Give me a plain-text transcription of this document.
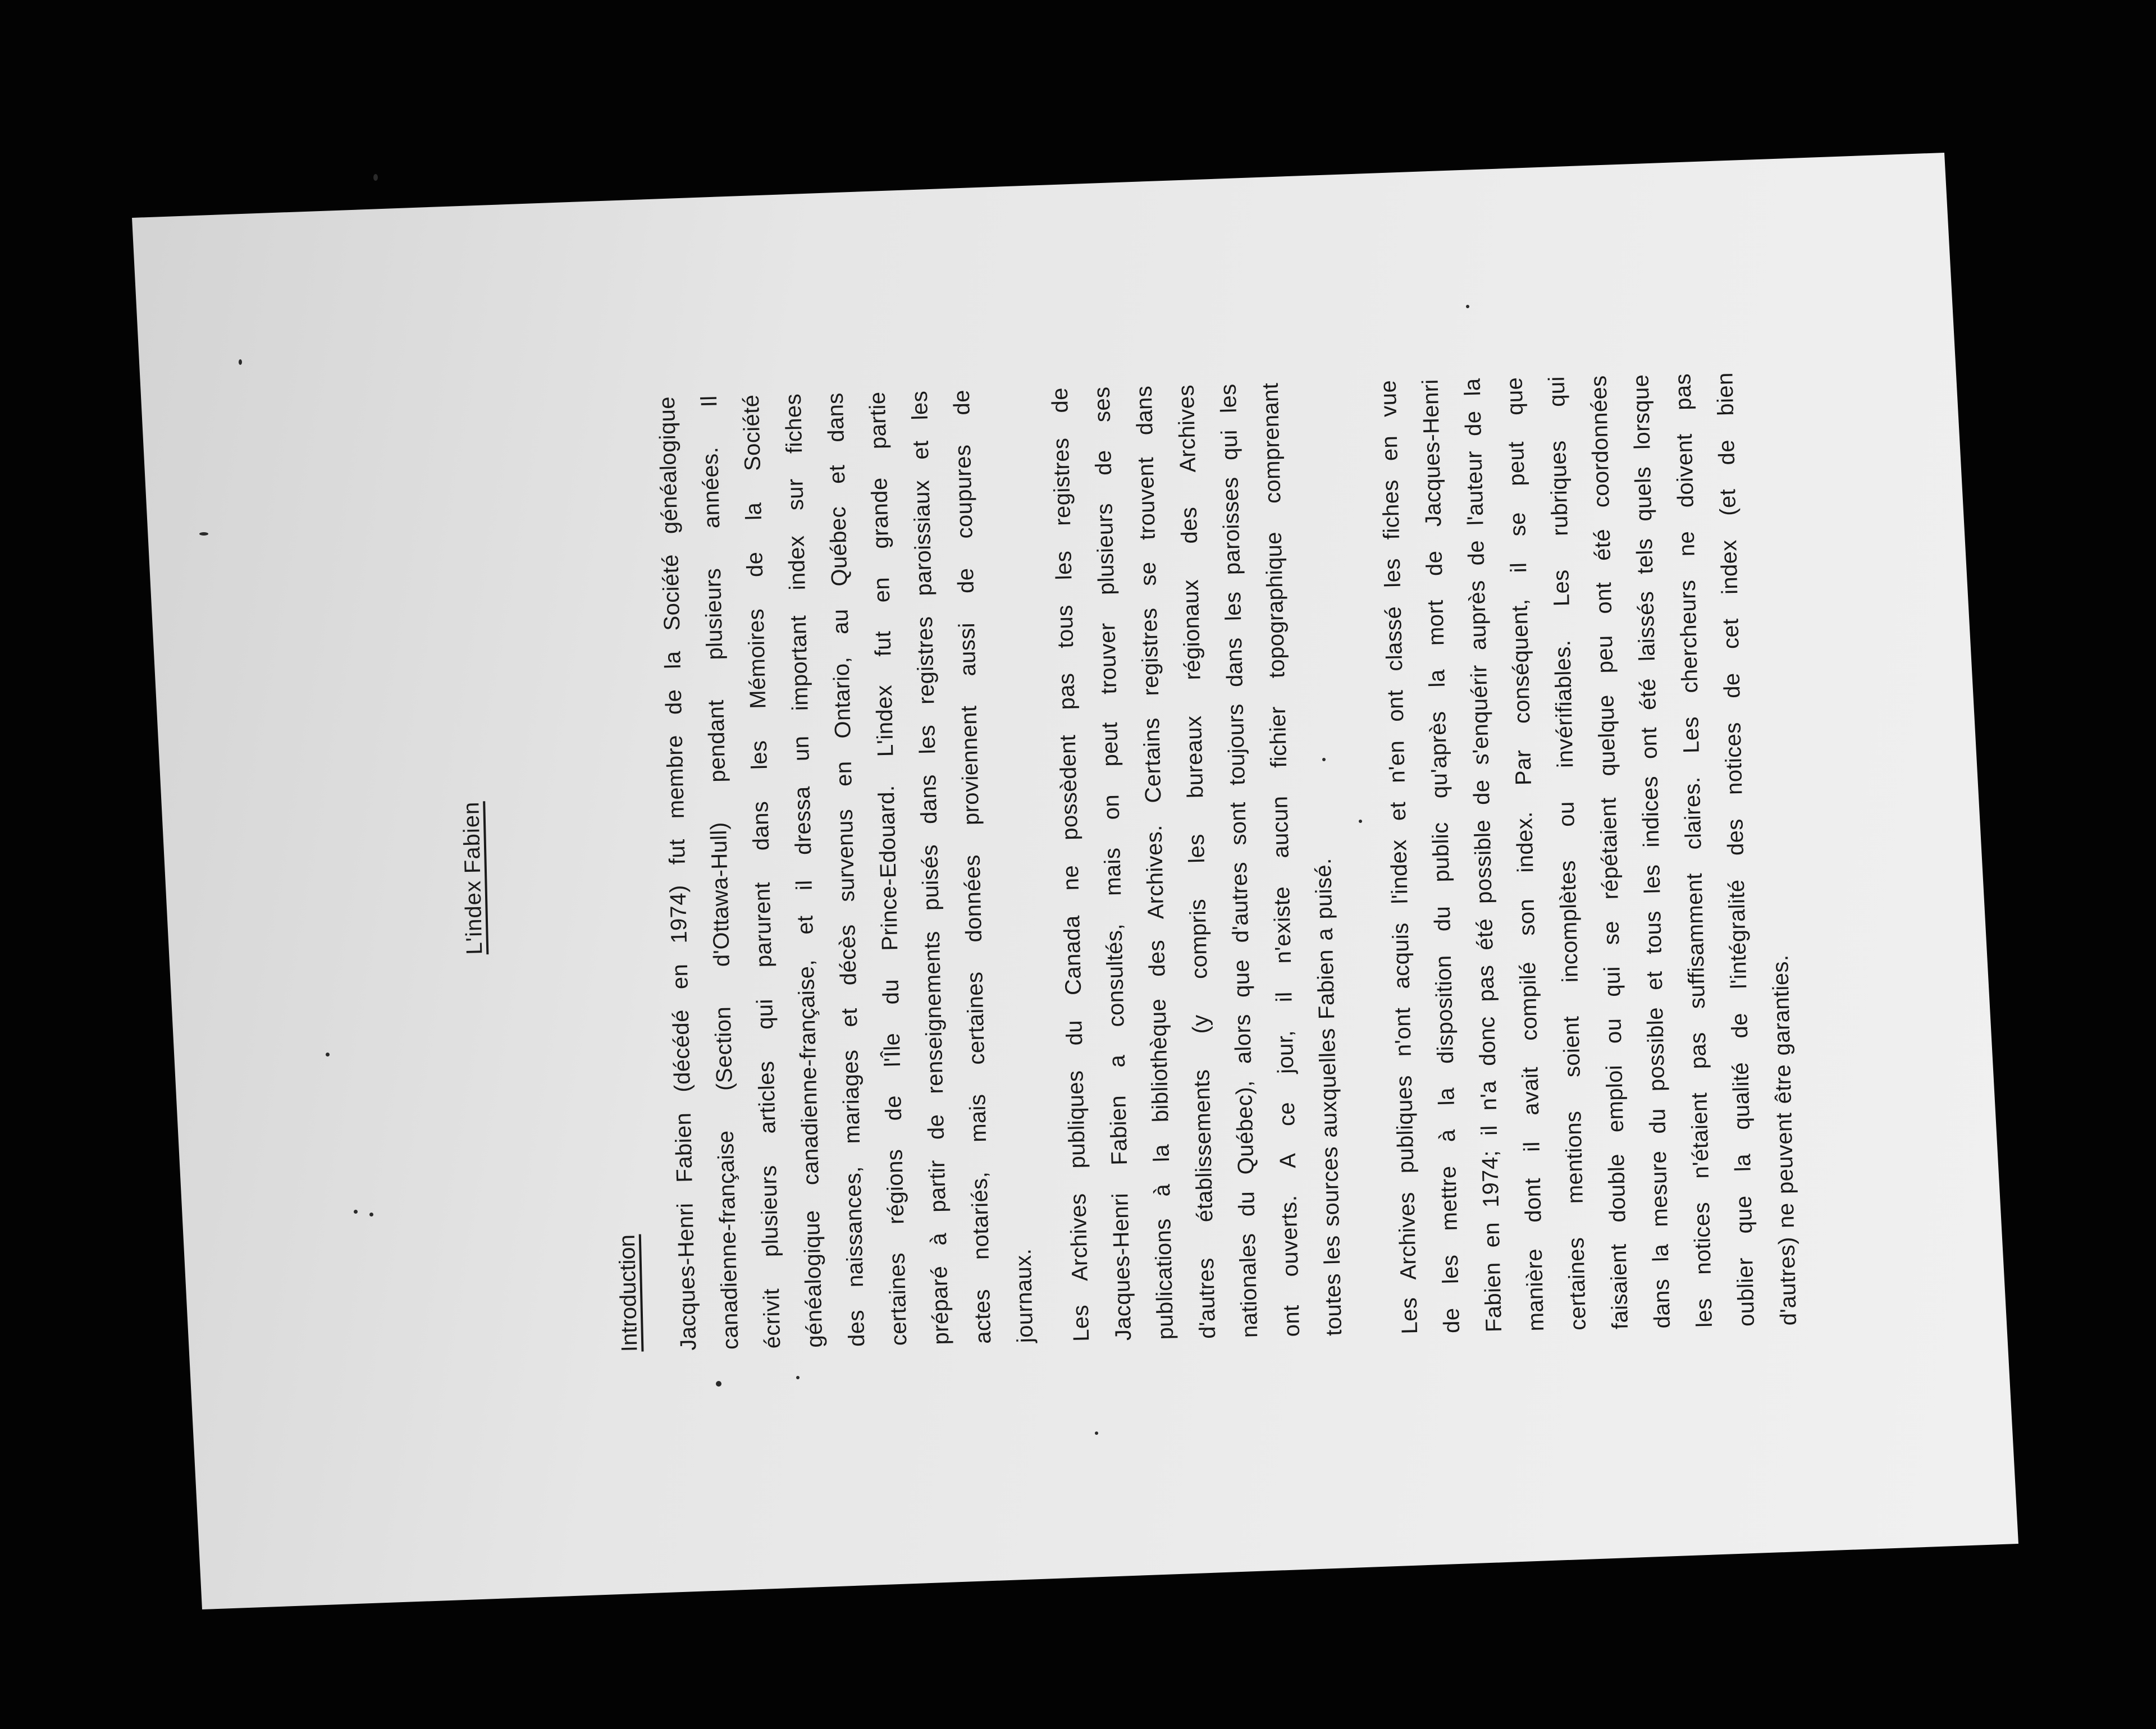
L'index Fabien
Introduction Jacques-Henri Fabien (décédé en 1974) fut membre de la Société généalogique
canadienne-française (Section d'Ottawa-Hull) pendant plusieurs années. Il
écrivit plusieurs articles qui parurent dans les Mémoires de la Société
généalogique canadienne-française, et il dressa un important index sur fiches
des naissances, mariages et décès survenus en Ontario, au Québec et dans
certaines régions de l'Île du Prince-Edouard. L'index fut en grande partie
préparé à partir de renseignements puisés dans les registres paroissiaux et les
actes notariés, mais certaines données proviennent aussi de coupures de journaux. Les Archives publiques du Canada ne possèdent pas tous les registres de
Jacques-Henri Fabien a consultés, mais on peut trouver plusieurs de ses
publications à la bibliothèque des Archives. Certains registres se trouvent dans
d'autres établissements (y compris les bureaux régionaux des Archives
nationales du Québec), alors que d'autres sont toujours dans les paroisses qui les
ont ouverts. A ce jour, il n'existe aucun fichier topographique comprenant toutes les sources auxquelles Fabien a puisé.	Les Archives publiques n'ont acquis l'index et n'en ont classé les fiches en vue
de les mettre à la disposition du public qu'après la mort de Jacques-Henri
Fabien en 1974; il n'a donc pas été possible de s'enquérir auprès de l'auteur de la
manière dont il avait compilé son index. Par conséquent, il se peut que
certaines mentions soient incomplètes ou invérifiables. Les rubriques qui
faisaient double emploi ou qui se répétaient quelque peu ont été coordonnées
dans la mesure du possible et tous les indices ont été laissés tels quels lorsque
les notices n'étaient pas suffisamment claires. Les chercheurs ne doivent pas
oublier que la qualité de l'intégralité des notices de cet index (et de bien d'autres) ne peuvent être garanties.
